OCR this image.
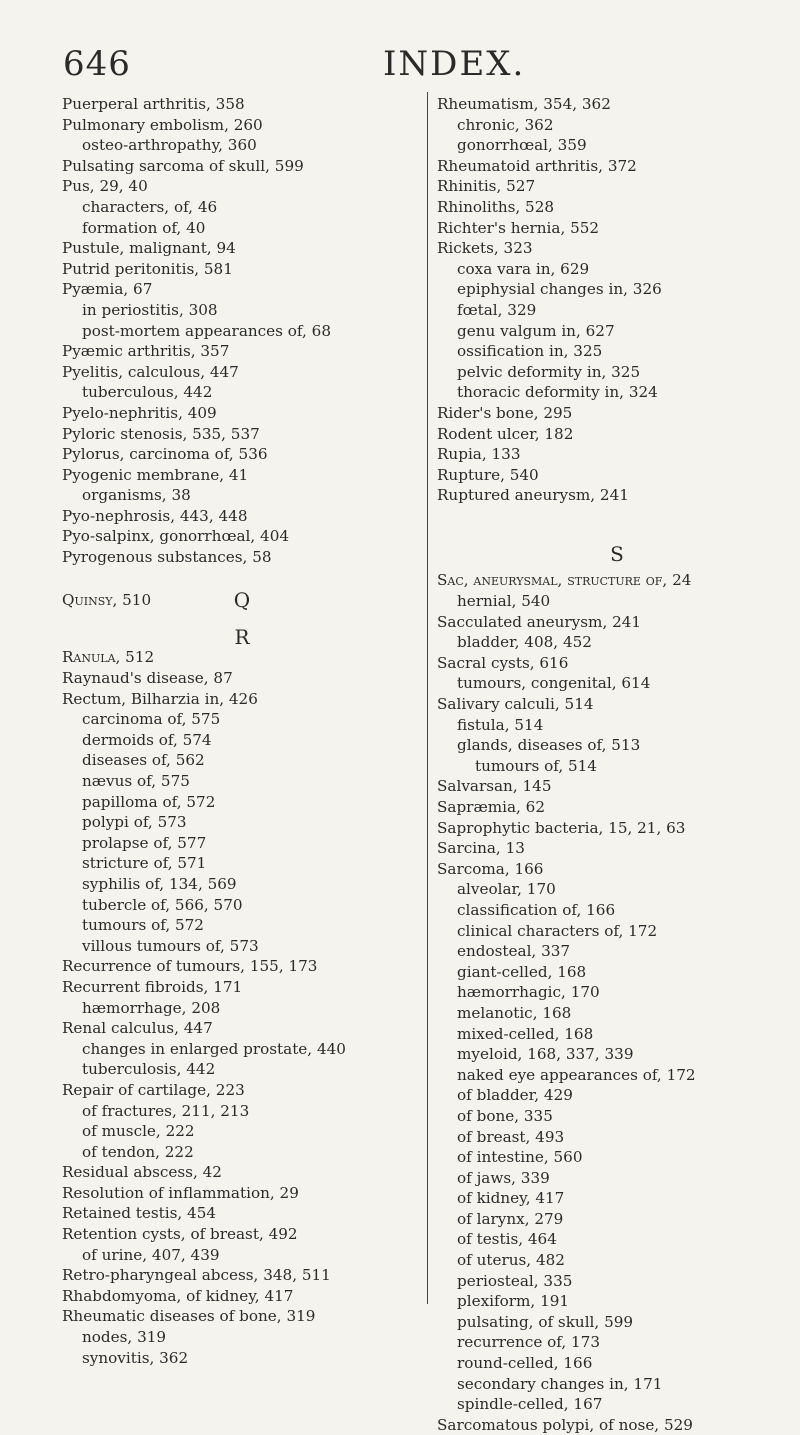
646	INDEX.
Puerperal arthritis, 358
Pulmonary embolism, 260
osteo-arthropathy, 360
Pulsating sarcoma of skull, 599
Pus, 29, 40
characters, of, 46
formation of, 40
Pustule, malignant, 94
Putrid peritonitis, 581
Pyæmia, 67
in periostitis, 308
post-mortem appearances of, 68
Pyæmic arthritis, 357
Pyelitis, calculous, 447
tuberculous, 442
Pyelo-nephritis, 409
Pyloric stenosis, 535, 537
Pylorus, carcinoma of, 536
Pyogenic membrane, 41
organisms, 38
Pyo-nephrosis, 443, 448
Pyo-salpinx, gonorrhœal, 404
Pyrogenous substances, 58
Q
Quinsy, 510
R
Ranula, 512
Raynaud's disease, 87
Rectum, Bilharzia in, 426
carcinoma of, 575
dermoids of, 574
diseases of, 562
nævus of, 575
papilloma of, 572
polypi of, 573
prolapse of, 577
stricture of, 571
syphilis of, 134, 569
tubercle of, 566, 570
tumours of, 572
villous tumours of, 573
Recurrence of tumours, 155, 173
Recurrent fibroids, 171
hæmorrhage, 208
Renal calculus, 447
changes in enlarged prostate, 440
tuberculosis, 442
Repair of cartilage, 223
of fractures, 211, 213
of muscle, 222
of tendon, 222
Residual abscess, 42
Resolution of inflammation, 29
Retained testis, 454
Retention cysts, of breast, 492
of urine, 407, 439
Retro-pharyngeal abcess, 348, 511
Rhabdomyoma, of kidney, 417
Rheumatic diseases of bone, 319
nodes, 319
synovitis, 362
Rheumatism, 354, 362
chronic, 362
gonorrhœal, 359
Rheumatoid arthritis, 372
Rhinitis, 527
Rhinoliths, 528
Richter's hernia, 552
Rickets, 323
coxa vara in, 629
epiphysial changes in, 326
fœtal, 329
genu valgum in, 627
ossification in, 325
pelvic deformity in, 325
thoracic deformity in, 324
Rider's bone, 295
Rodent ulcer, 182
Rupia, 133
Rupture, 540
Ruptured aneurysm, 241
S
Sac, aneurysmal, structure of, 24
hernial, 540
Sacculated aneurysm, 241
bladder, 408, 452
Sacral cysts, 616
tumours, congenital, 614
Salivary calculi, 514
fistula, 514
glands, diseases of, 513
tumours of, 514
Salvarsan, 145
Sapræmia, 62
Saprophytic bacteria, 15, 21, 63
Sarcina, 13
Sarcoma, 166
alveolar, 170
classification of, 166
clinical characters of, 172
endosteal, 337
giant-celled, 168
hæmorrhagic, 170
melanotic, 168
mixed-celled, 168
myeloid, 168, 337, 339
naked eye appearances of, 172
of bladder, 429
of bone, 335
of breast, 493
of intestine, 560
of jaws, 339
of kidney, 417
of larynx, 279
of testis, 464
of uterus, 482
periosteal, 335
plexiform, 191
pulsating, of skull, 599
recurrence of, 173
round-celled, 166
secondary changes in, 171
spindle-celled, 167
Sarcomatous polypi, of nose, 529
